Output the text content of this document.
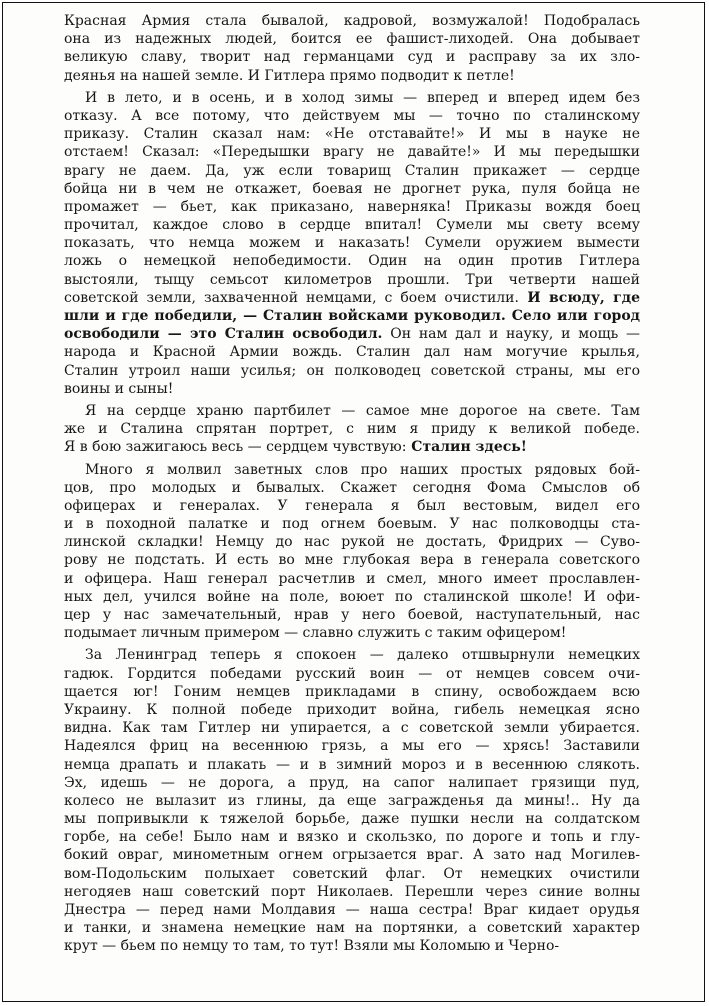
Красная Армия стала бывалой, кадровой, возмужалой! Подобралась
она из надежных людей, боится ее фашист-лиходей. Она добывает
великую славу, творит над германцами суд и расправу за их зло-
деянья на нашей земле. И Гитлера прямо подводит к петле!
И в лето, и в осень, и в холод зимы — вперед и вперед идем без
отказу. А все потому, что действуем мы — точно по сталинскому
приказу. Сталин сказал нам: «Не отставайте!» И мы в науке не
отстаем! Сказал: «Передышки врагу не давайте!» И мы передышки
врагу не даем. Да, уж если товарищ Сталин прикажет — сердце
бойца ни в чем не откажет, боевая не дрогнет рука, пуля бойца не
промажет — бьет, как приказано, наверняка! Приказы вождя боец
прочитал, каждое слово в сердце впитал! Сумели мы свету всему
показать, что немца можем и наказать! Сумели оружием вымести
ложь о немецкой непобедимости. Один на один против Гитлера
выстояли, тыщу семьсот километров прошли. Три четверти нашей
советской земли, захваченной немцами, с боем очистили. И всюду, где
шли и где победили, — Сталин войсками руководил. Село или город
освободили — это Сталин освободил. Он нам дал и науку, и мощь —
народа и Красной Армии вождь. Сталин дал нам могучие крылья,
Сталин утроил наши усилья; он полководец советской страны, мы его
воины и сыны!
Я на сердце храню партбилет — самое мне дорогое на свете. Там
же и Сталина спрятан портрет, с ним я приду к великой победе.
Я в бою зажигаюсь весь — сердцем чувствую: Сталин здесь!
Много я молвил заветных слов про наших простых рядовых бой-
цов, про молодых и бывалых. Скажет сегодня Фома Смыслов об
офицерах и генералах. У генерала я был вестовым, видел его
и в походной палатке и под огнем боевым. У нас полководцы ста-
линской складки! Немцу до нас рукой не достать, Фридрих — Суво-
рову не подстать. И есть во мне глубокая вера в генерала советского
и офицера. Наш генерал расчетлив и смел, много имеет прославлен-
ных дел, учился войне на поле, воюет по сталинской школе! И офи-
цер у нас замечательный, нрав у него боевой, наступательный, нас
подымает личным примером — славно служить с таким офицером!
За Ленинград теперь я спокоен — далеко отшвырнули немецких
гадюк. Гордится победами русский воин — от немцев совсем очи-
щается юг! Гоним немцев прикладами в спину, освобождаем всю
Украину. К полной победе приходит война, гибель немецкая ясно
видна. Как там Гитлер ни упирается, а с советской земли убирается.
Надеялся фриц на весеннюю грязь, а мы его — хрясь! Заставили
немца драпать и плакать — и в зимний мороз и в весеннюю слякоть.
Эх, идешь — не дорога, а пруд, на сапог налипает грязищи пуд,
колесо не вылазит из глины, да еще загражденья да мины!.. Ну да
мы попривыкли к тяжелой борьбе, даже пушки несли на солдатском
горбе, на себе! Было нам и вязко и скользко, по дороге и топь и глу-
бокий овраг, минометным огнем огрызается враг. А зато над Могилев-
вом-Подольским полыхает советский флаг. От немецких очистили
негодяев наш советский порт Николаев. Перешли через синие волны
Днестра — перед нами Молдавия — наша сестра! Враг кидает орудья
и танки, и знамена немецкие нам на портянки, а советский характер
крут — бьем по немцу то там, то тут! Взяли мы Коломыю и Черно-
